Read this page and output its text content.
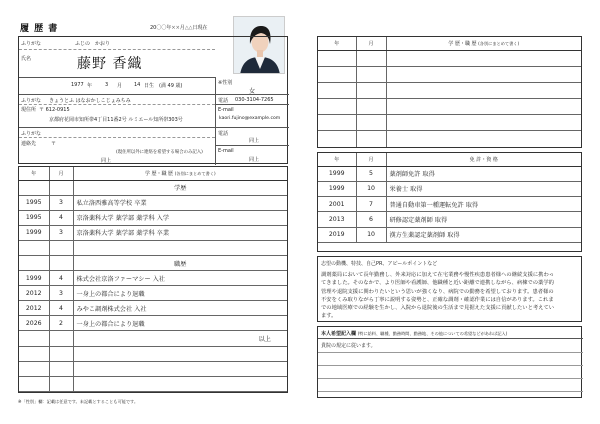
履 歴 書	20〇〇年××月△△日現在
ふりがな	ふじの　かおり
氏名	藤野 香織
1977 年	3 月 14 日生 (満 49 歳)	※性別
女
ふりがな きょうとふ はなおかしこじょみちみ
現住所 〒 612-0915
京都府花岡市知所帯4丁目11番2号 ルミエール知所帯303号
電話 030-3104-7265
E-mail
kaori.fujino@example.com
ふりがな
連絡先	〒
(現住所以外に連絡を希望する場合のみ記入)
同上
電話
同上
E-mail
同上
年	月	学 歴・職 歴 (各別にまとめて書く)
		学歴
1995	3	私立洛西雅高等学校 卒業
1995	4	京洛薬科大学 薬学部 薬学科 入学
1999	3	京洛薬科大学 薬学部 薬学科 卒業

		職歴
1999	4	株式会社京洛ファーマシー 入社
2012	3	一身上の都合により退職
2012	4	みやこ調剤株式会社 入社
2026	2	一身上の都合により退職
		以上

※「性別」欄：記載は任意です。未記載とすることも可能です。
年	月	学 歴・職 歴 (各別にまとめて書く)

年	月	免 許・資 格
1999	5	薬剤師免許 取得
1999	10	栄養士 取得
2001	7	普通自動車第一種運転免許 取得
2013	6	研修認定薬剤師 取得
2019	10	漢方生薬認定薬剤師 取得
志望の動機、特技、自己PR、アピールポイントなど
調剤薬局において長年勤務し、外来対応に加えて在宅業務や慢性疾患患者様への継続支援に携わっ
てきました。そのなかで、より医師や看護師、他職種と近い距離で連携しながら、病棟での薬学的
管理や退院支援に関わりたいという思いが強くなり、病院での勤務を希望しております。患者様の
不安をくみ取りながら丁寧に説明する姿勢と、正確な調剤・確認作業には自信があります。これま
での地域医療での経験を生かし、入院から退院後の生活まで見据えた支援に貢献したいと考えてい
ます。
本人希望記入欄 (特に給料、職種、勤務時間、勤務地、その他についての希望などがあれば記入)
貴院の規定に従います。
